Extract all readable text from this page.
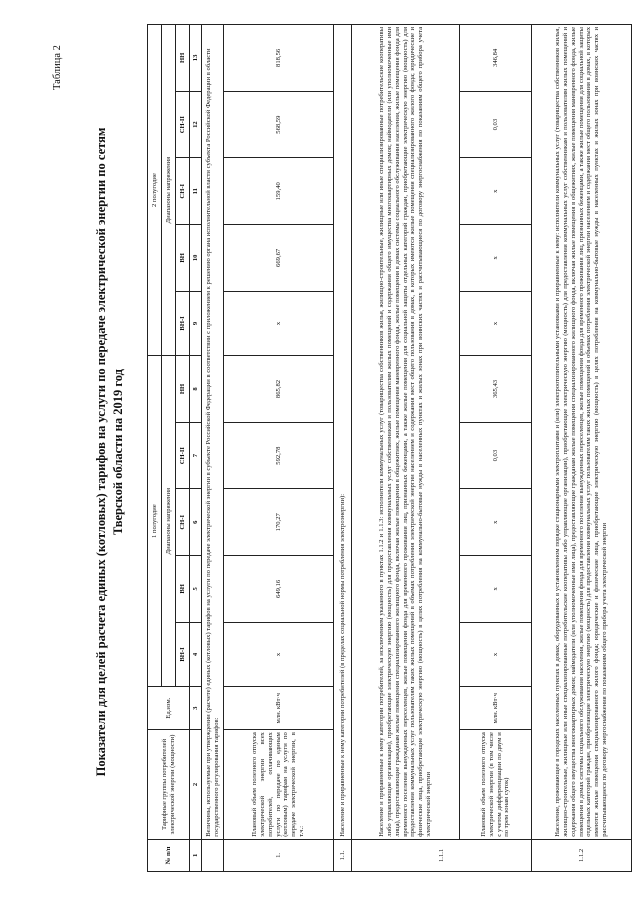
Таблица 2
Показатели для целей расчета единых (котловых) тарифов на услуги по передаче электрической энергии по сетям Тверской области на 2019 год
№ п/п	Тарифные группы потребителей электрической энергии (мощности)	Ед.изм.	1 полугодие					2 полугодие				
			Диапазоны напряжения					Диапазоны напряжения				
			ВН-I	ВН	СН-I	СН-II	НН	ВН-I	ВН	СН-I	СН-II	НН
1	2	3	4	5	6	7	8	9	10	11	12	13
	Величины, используемые при утверждении (расчете) единых (котловых) тарифов на услуги по передаче электрической энергии в субъекте Российской Федерации в соответствии с приложением к решению органа исполнительной власти субъекта Российской Федерации в области государственного регулирования тарифов:											
1.	Плановый объем полезного отпуска электрической энергии всех потребителей, оплачивающих услуги по передаче по единым (котловым) тарифам на услуги по передаче электрической энергии, в т.ч.:	млн. кВт·ч	х	649,16	170,27	592,78	865,82	х	669,67	159,40	568,59	818,56
1.1.	Население и приравненные к нему категории потребителей (в пределах социальной нормы потребления электроэнергии):											
1.1.1	Население и приравненные к нему категории потребителей, за исключением указанного в пунктах 1.1.2 и 1.1.3: исполнители коммунальных услуг (товарищества собственников жилья, жилищно-строительные, жилищные или иные специализированные потребительские кооперативы либо управляющие организации), приобретающие электрическую энергию (мощность) для предоставления коммунальных услуг собственникам и пользователям жилых помещений и содержания общего имущества многоквартирных домов; наймодатели (или уполномоченные ими лица), предоставляющие гражданам жилые помещения специализированного жилищного фонда, включая жилые помещения в общежитиях, жилые помещения маневренного фонда, жилые помещения в домах системы социального обслуживания населения, жилые помещения фонда для временного поселения вынужденных переселенцев, жилые помещения фонда для временного проживания лиц, признанных беженцами, а также жилые помещения для социальной защиты отдельных категорий граждан, приобретающие электрическую энергию (мощность) для предоставления коммунальных услуг пользователям таких жилых помещений в объемах потребления электрической энергии населением и содержания мест общего пользования в домах, в которых имеются жилые помещения специализированного жилого фонда; юридические и физические лица, приобретающие электрическую энергию (мощность) в целях потребления на коммунально-бытовые нужды в населенных пунктах и жилых зонах при воинских частях и рассчитывающиеся по договору энергоснабжения по показаниям общего прибора учета электрической энергии											
	Плановый объем полезного отпуска электрической энергии (в том числе с учетом дифференциации по двум и по трем зонам суток)	млн. кВт·ч	х	х	х	0,03	365,43	х	х	х	0,03	346,84
1.1.2	Население, проживающее в городских населенных пунктах в домах, оборудованных в установленном порядке стационарными электроплитами и (или) электроотопительными установками и приравненные к нему: исполнители коммунальных услуг (товарищества собственников жилья, жилищно-строительные, жилищные или иные специализированные потребительские кооперативы либо управляющие организации), приобретающие электрическую энергию (мощность) для предоставления коммунальных услуг собственникам и пользователям жилых помещений и содержания общего имущества многоквартирных домов; наймодатели (или уполномоченные ими лица), предоставляющие гражданам жилые помещения специализированного жилищного фонда, включая жилые помещения в общежитиях, жилые помещения маневренного фонда, жилые помещения в домах системы социального обслуживания населения, жилые помещения фонда для временного поселения вынужденных переселенцев, жилые помещения фонда для временного проживания лиц, признанных беженцами, а также жилые помещения для социальной защиты отдельных категорий граждан, приобретающие электрическую энергию (мощность) для предоставления коммунальных услуг пользователям таких жилых помещений в объемах потребления электрической энергии населением и содержания мест общего пользования в домах, в которых имеются жилые помещения специализированного жилого фонда; юридические и физические лица, приобретающие электрическую энергию (мощность) в целях потребления на коммунально-бытовые нужды в населенных пунктах и жилых зонах при воинских частях и рассчитывающиеся по договору энергоснабжения по показаниям общего прибора учета электрической энергии											
